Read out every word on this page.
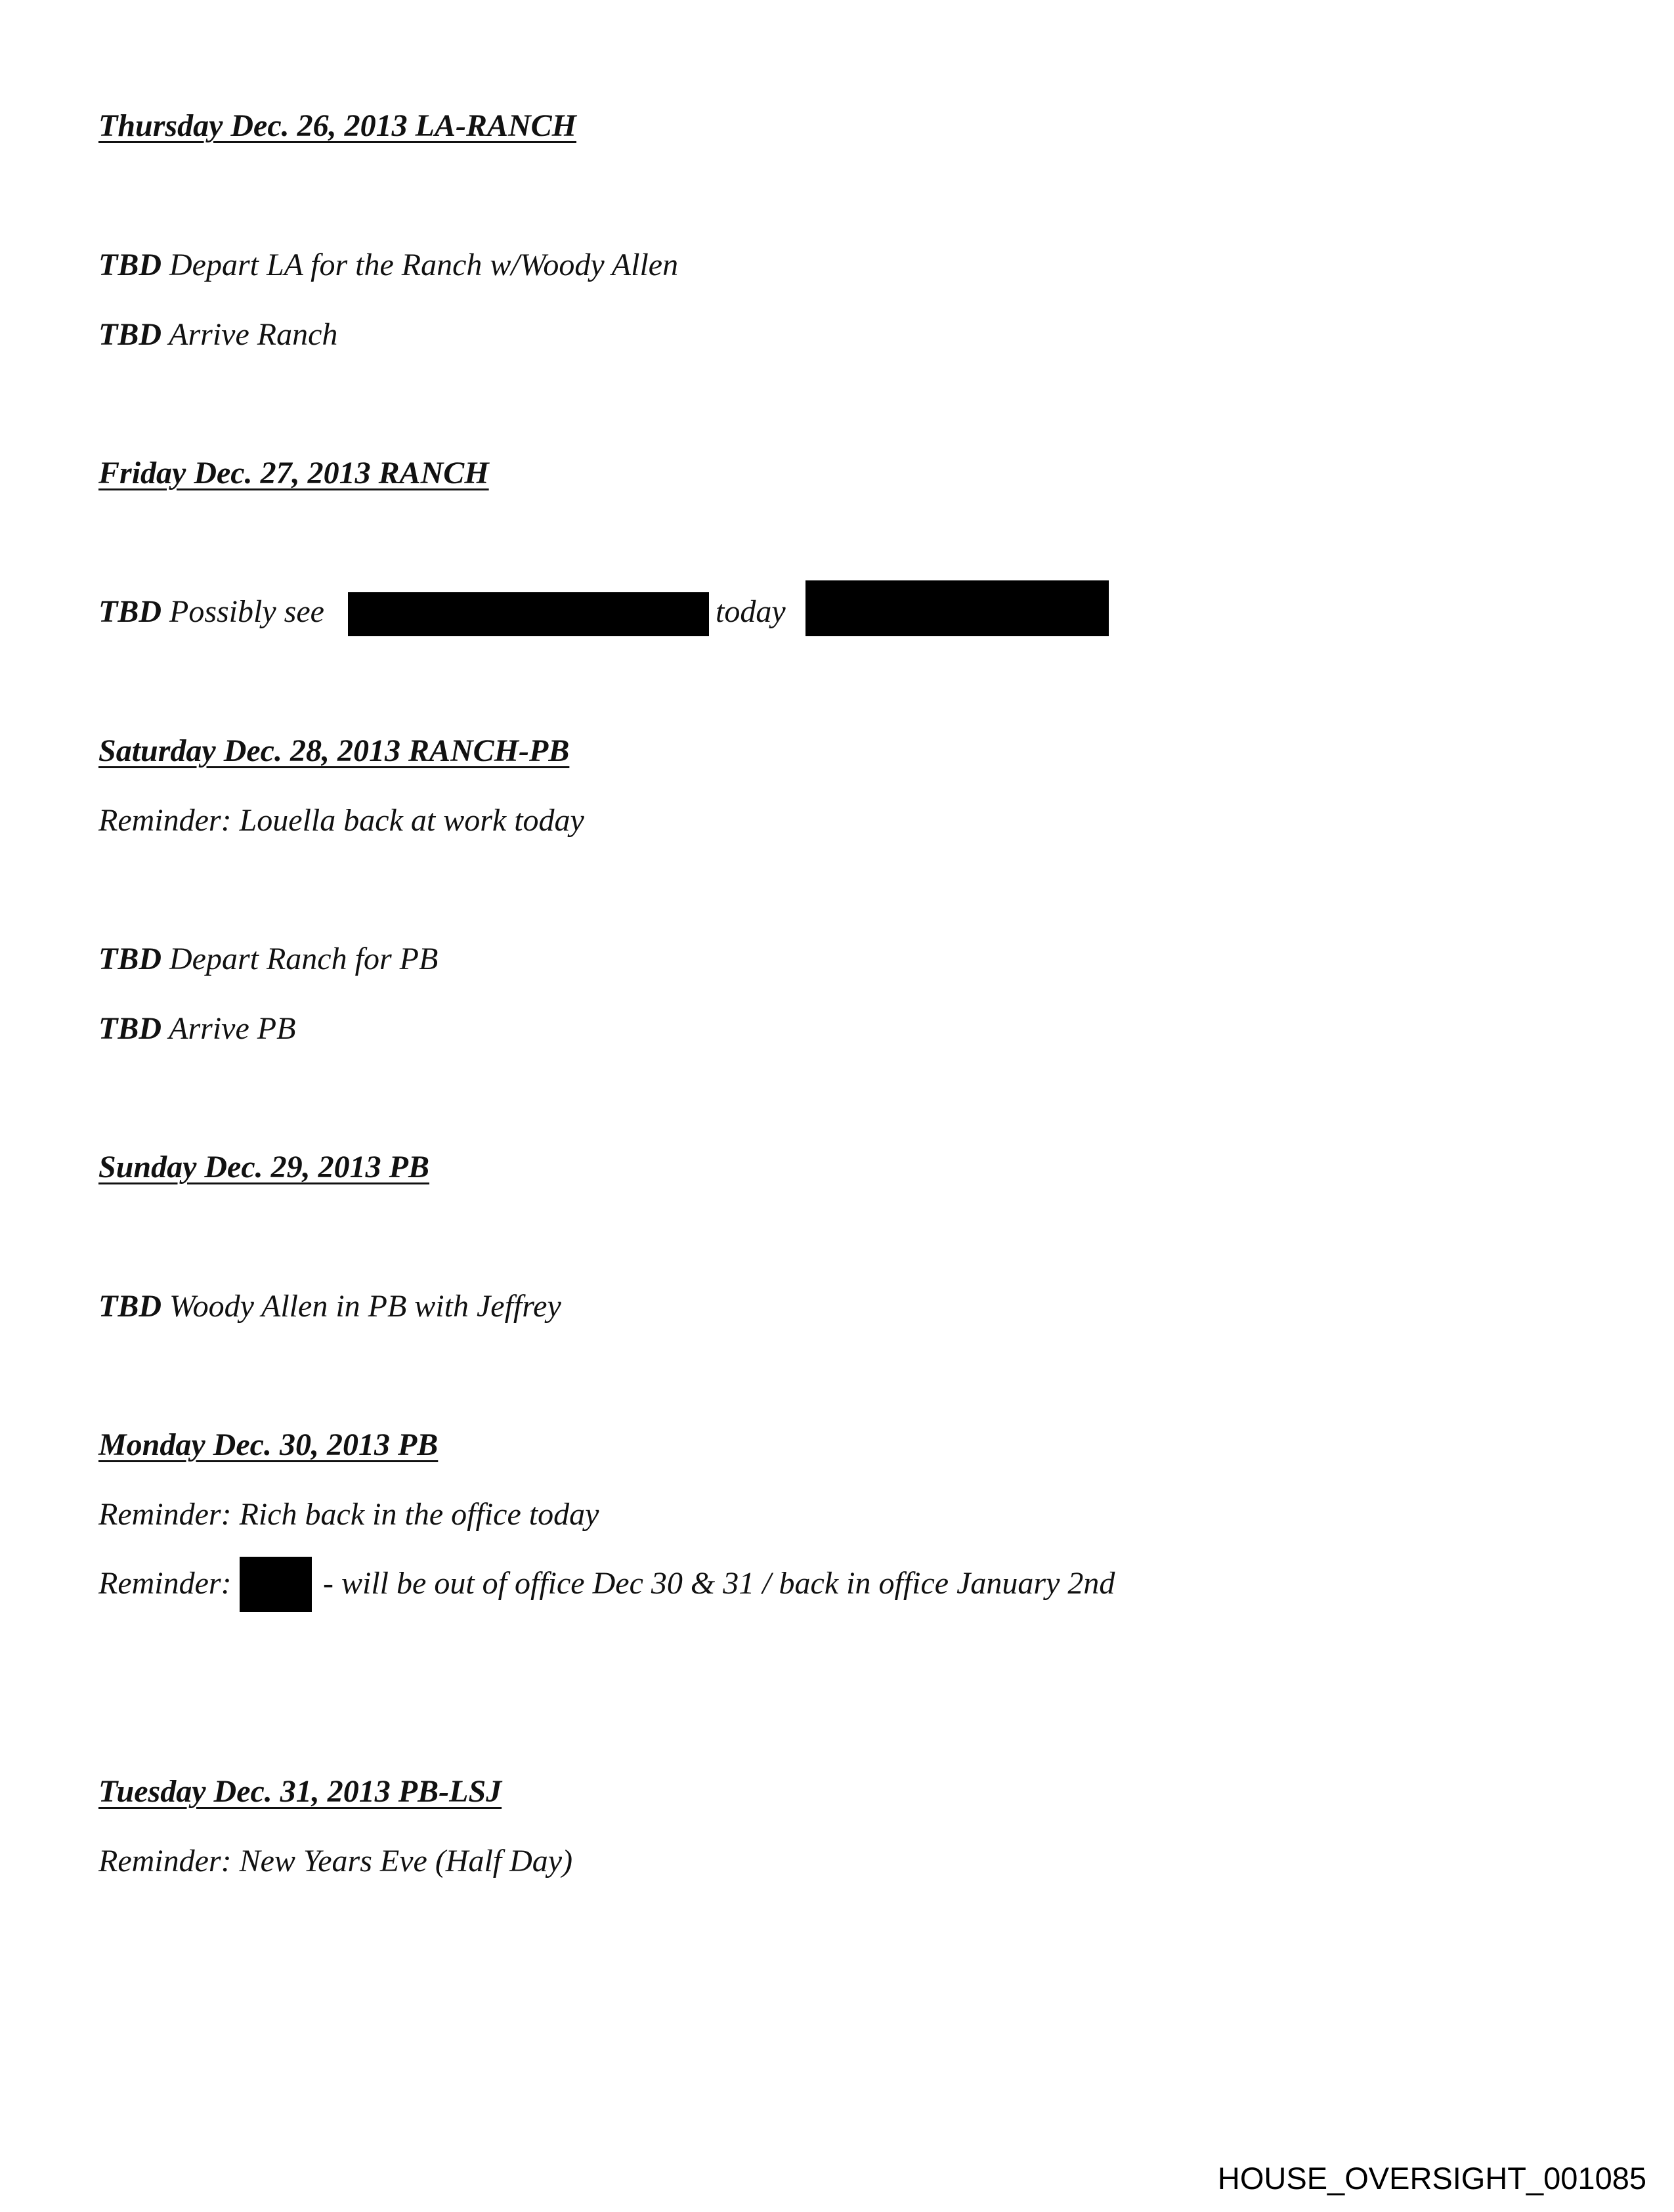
Thursday Dec. 26, 2013 LA-RANCH
TBD Depart LA for the Ranch w/Woody Allen
TBD Arrive Ranch
Friday Dec. 27, 2013 RANCH
TBD Possibly see	today
Saturday Dec. 28, 2013 RANCH-PB
Reminder: Louella back at work today
TBD Depart Ranch for PB
TBD Arrive PB
Sunday Dec. 29, 2013 PB
TBD Woody Allen in PB with Jeffrey
Monday Dec. 30, 2013 PB
Reminder: Rich back in the office today
Reminder:	- will be out of office Dec 30 & 31 / back in office January 2nd
Tuesday Dec. 31, 2013 PB-LSJ
Reminder: New Years Eve (Half Day)
HOUSE_OVERSIGHT_001085
